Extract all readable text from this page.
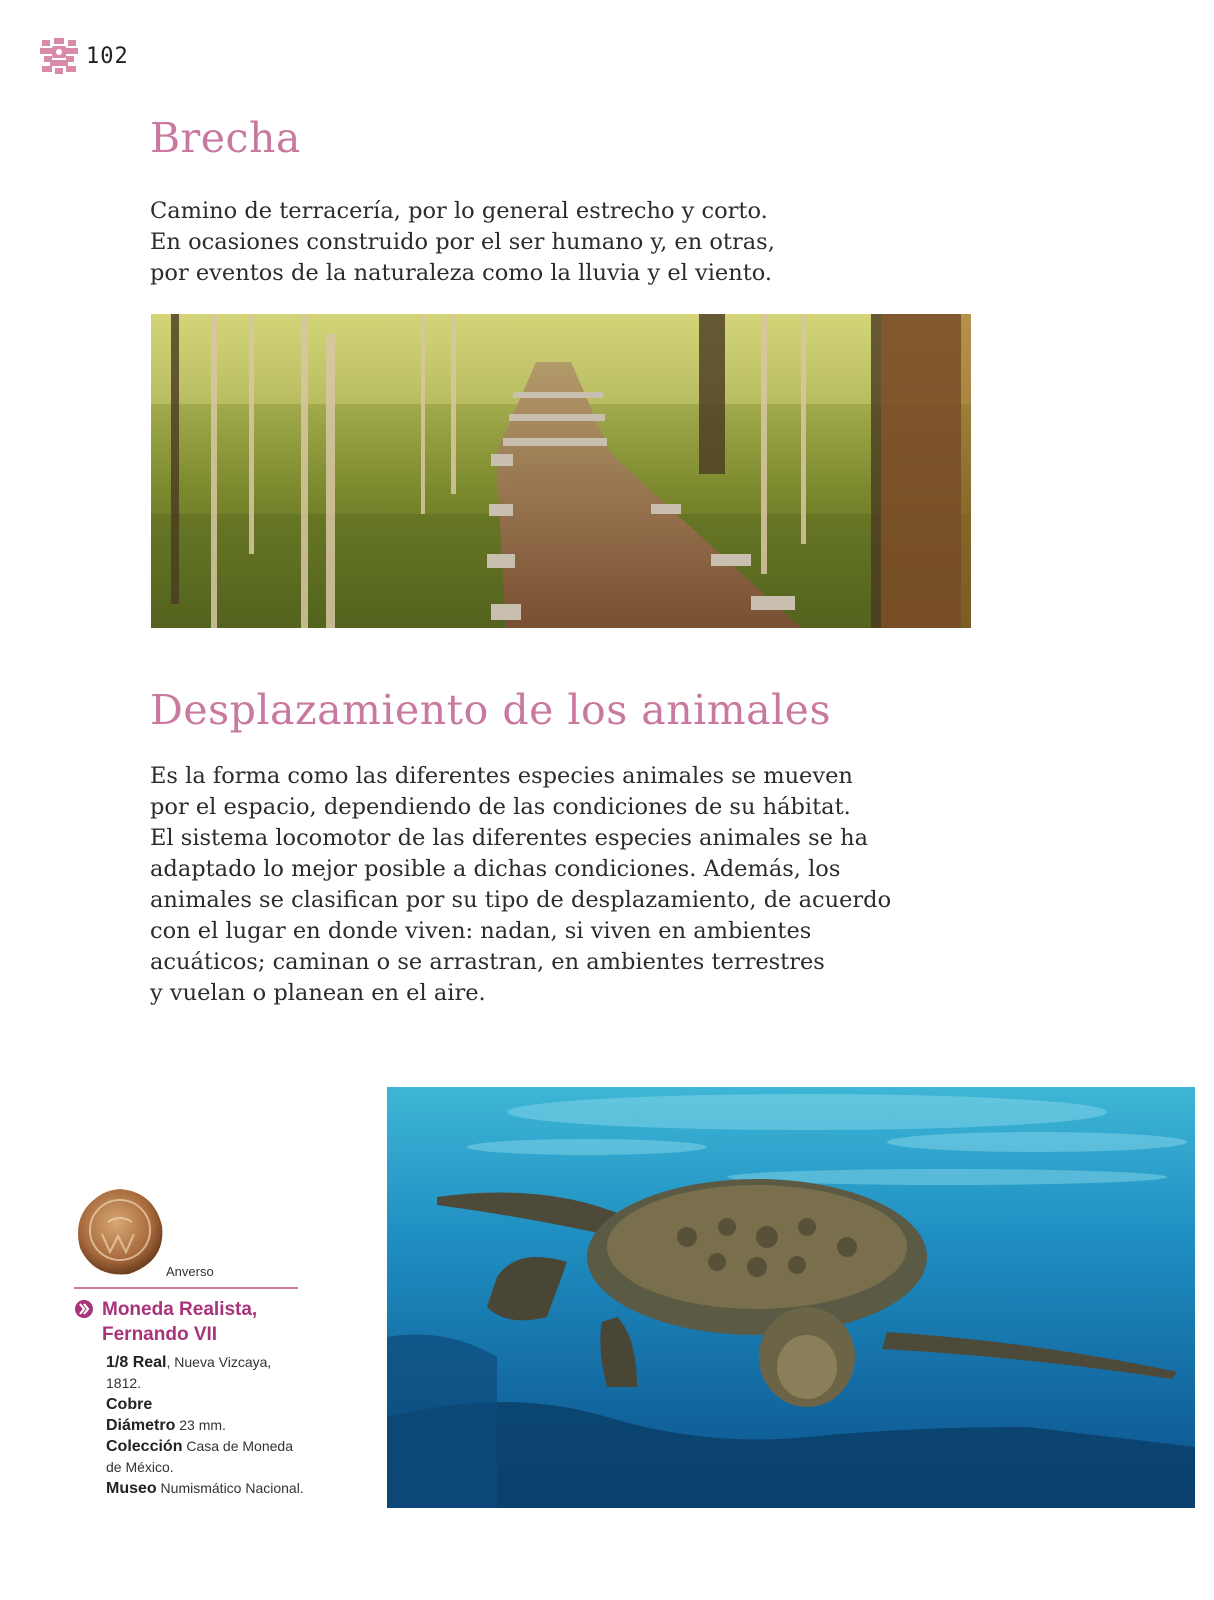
102
Brecha

Camino de terracería, por lo general estrecho y corto.
En ocasiones construido por el ser humano y, en otras,
por eventos de la naturaleza como la lluvia y el viento.

Desplazamiento de los animales

Es la forma como las diferentes especies animales se mueven
por el espacio, dependiendo de las condiciones de su hábitat.
El sistema locomotor de las diferentes especies animales se ha
adaptado lo mejor posible a dichas condiciones. Además, los
animales se clasifican por su tipo de desplazamiento, de acuerdo
con el lugar en donde viven: nadan, si viven en ambientes
acuáticos; caminan o se arrastran, en ambientes terrestres
y vuelan o planean en el aire.

Anverso
Moneda Realista,
Fernando VII
1/8 Real, Nueva Vizcaya, 1812.
Cobre
Diámetro 23 mm.
Colección Casa de Moneda de México.
Museo Numismático Nacional.
